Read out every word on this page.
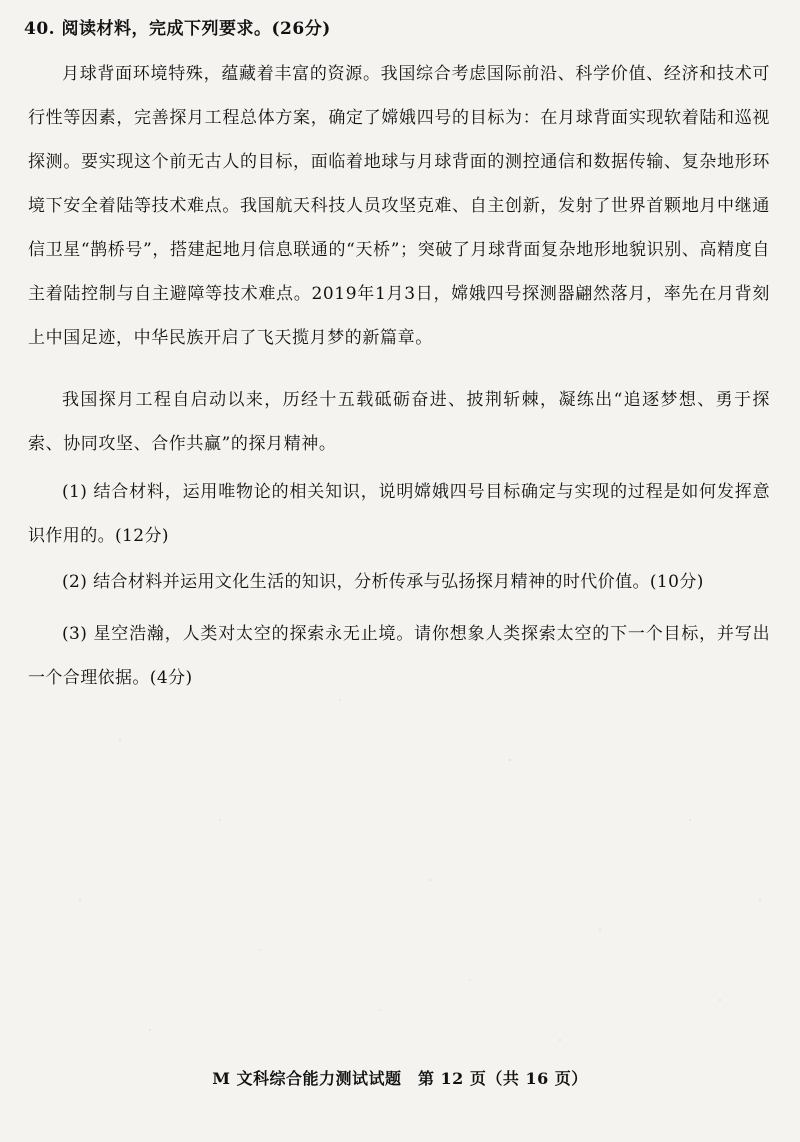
40. 阅读材料，完成下列要求。(26分)
月球背面环境特殊，蕴藏着丰富的资源。我国综合考虑国际前沿、科学价值、经济和技术可行性等因素，完善探月工程总体方案，确定了嫦娥四号的目标为：在月球背面实现软着陆和巡视探测。要实现这个前无古人的目标，面临着地球与月球背面的测控通信和数据传输、复杂地形环境下安全着陆等技术难点。我国航天科技人员攻坚克难、自主创新，发射了世界首颗地月中继通信卫星“鹊桥号”，搭建起地月信息联通的“天桥”；突破了月球背面复杂地形地貌识别、高精度自主着陆控制与自主避障等技术难点。2019年1月3日，嫦娥四号探测器翩然落月，率先在月背刻上中国足迹，中华民族开启了飞天揽月梦的新篇章。
我国探月工程自启动以来，历经十五载砥砺奋进、披荆斩棘，凝练出“追逐梦想、勇于探索、协同攻坚、合作共赢”的探月精神。
(1) 结合材料，运用唯物论的相关知识，说明嫦娥四号目标确定与实现的过程是如何发挥意识作用的。(12分)
(2) 结合材料并运用文化生活的知识，分析传承与弘扬探月精神的时代价值。(10分)
(3) 星空浩瀚，人类对太空的探索永无止境。请你想象人类探索太空的下一个目标，并写出一个合理依据。(4分)
M 文科综合能力测试试题　第 12 页（共 16 页）
